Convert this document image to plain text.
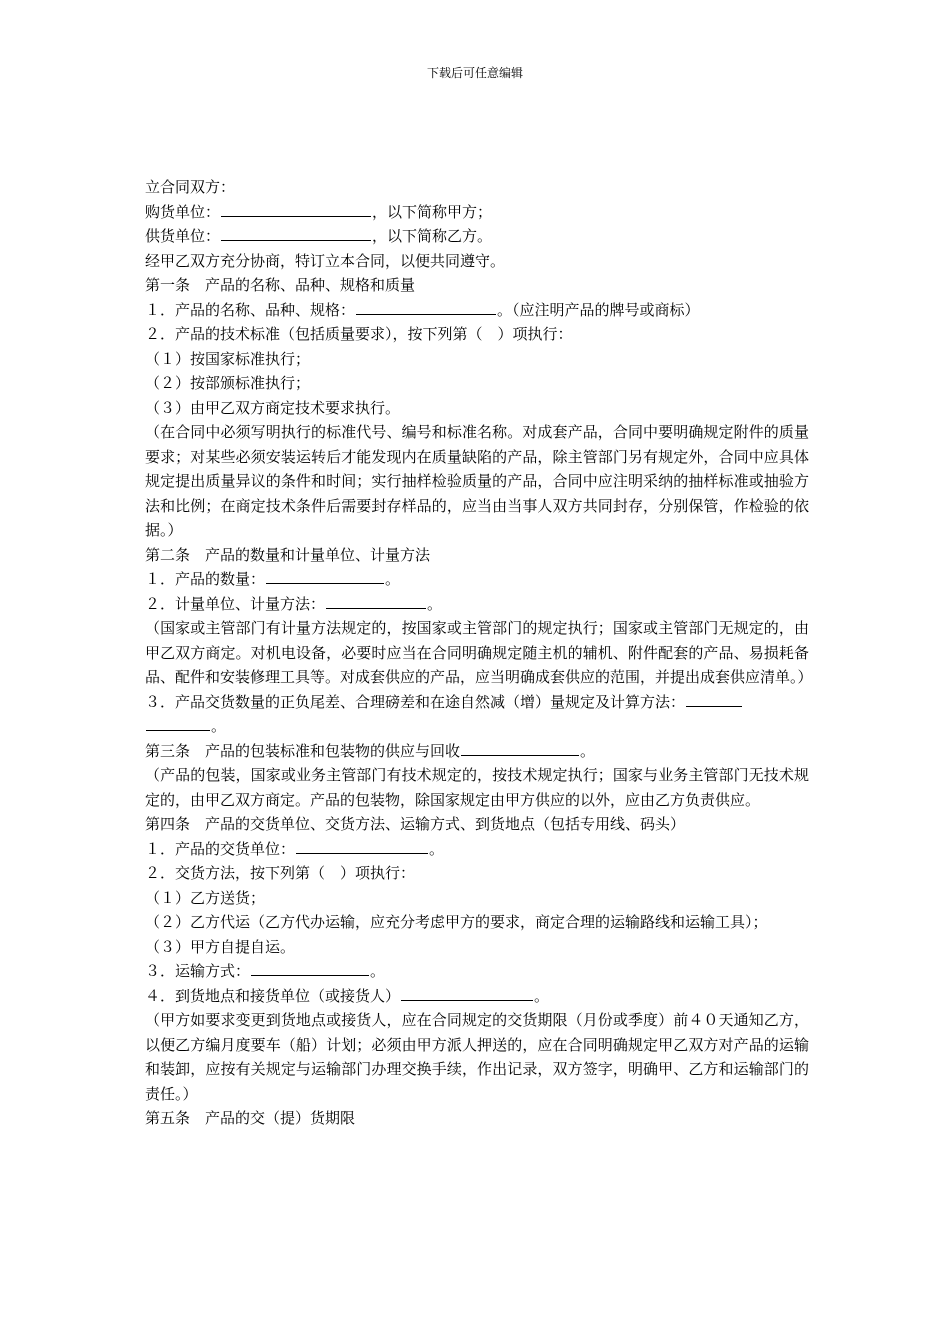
下载后可任意编辑
立合同双方：
购货单位：	，以下简称甲方；
供货单位：	，以下简称乙方。
经甲乙双方充分协商，特订立本合同，以便共同遵守。
第一条　产品的名称、品种、规格和质量
１．产品的名称、品种、规格：	。（应注明产品的牌号或商标）
２．产品的技术标准（包括质量要求），按下列第（　）项执行：
（１）按国家标准执行；
（２）按部颁标准执行；
（３）由甲乙双方商定技术要求执行。
（在合同中必须写明执行的标准代号、编号和标准名称。对成套产品，合同中要明确规定附件的质量要求；对某些必须安装运转后才能发现内在质量缺陷的产品，除主管部门另有规定外，合同中应具体规定提出质量异议的条件和时间；实行抽样检验质量的产品，合同中应注明采纳的抽样标准或抽验方法和比例；在商定技术条件后需要封存样品的，应当由当事人双方共同封存，分别保管，作检验的依据。）
第二条　产品的数量和计量单位、计量方法
１．产品的数量：	。
２．计量单位、计量方法：	。
（国家或主管部门有计量方法规定的，按国家或主管部门的规定执行；国家或主管部门无规定的，由甲乙双方商定。对机电设备，必要时应当在合同明确规定随主机的辅机、附件配套的产品、易损耗备品、配件和安装修理工具等。对成套供应的产品，应当明确成套供应的范围，并提出成套供应清单。）
３．产品交货数量的正负尾差、合理磅差和在途自然减（增）量规定及计算方法：
。
第三条　产品的包装标准和包装物的供应与回收	。
（产品的包装，国家或业务主管部门有技术规定的，按技术规定执行；国家与业务主管部门无技术规定的，由甲乙双方商定。产品的包装物，除国家规定由甲方供应的以外，应由乙方负责供应。
第四条　产品的交货单位、交货方法、运输方式、到货地点（包括专用线、码头）
１．产品的交货单位：	。
２．交货方法，按下列第（　）项执行：
（１）乙方送货；
（２）乙方代运（乙方代办运输，应充分考虑甲方的要求，商定合理的运输路线和运输工具）；
（３）甲方自提自运。
３．运输方式：	。
４．到货地点和接货单位（或接货人）	。
（甲方如要求变更到货地点或接货人，应在合同规定的交货期限（月份或季度）前４０天通知乙方，以便乙方编月度要车（船）计划；必须由甲方派人押送的，应在合同明确规定甲乙双方对产品的运输和装卸，应按有关规定与运输部门办理交换手续，作出记录，双方签字，明确甲、乙方和运输部门的责任。）
第五条　产品的交（提）货期限
